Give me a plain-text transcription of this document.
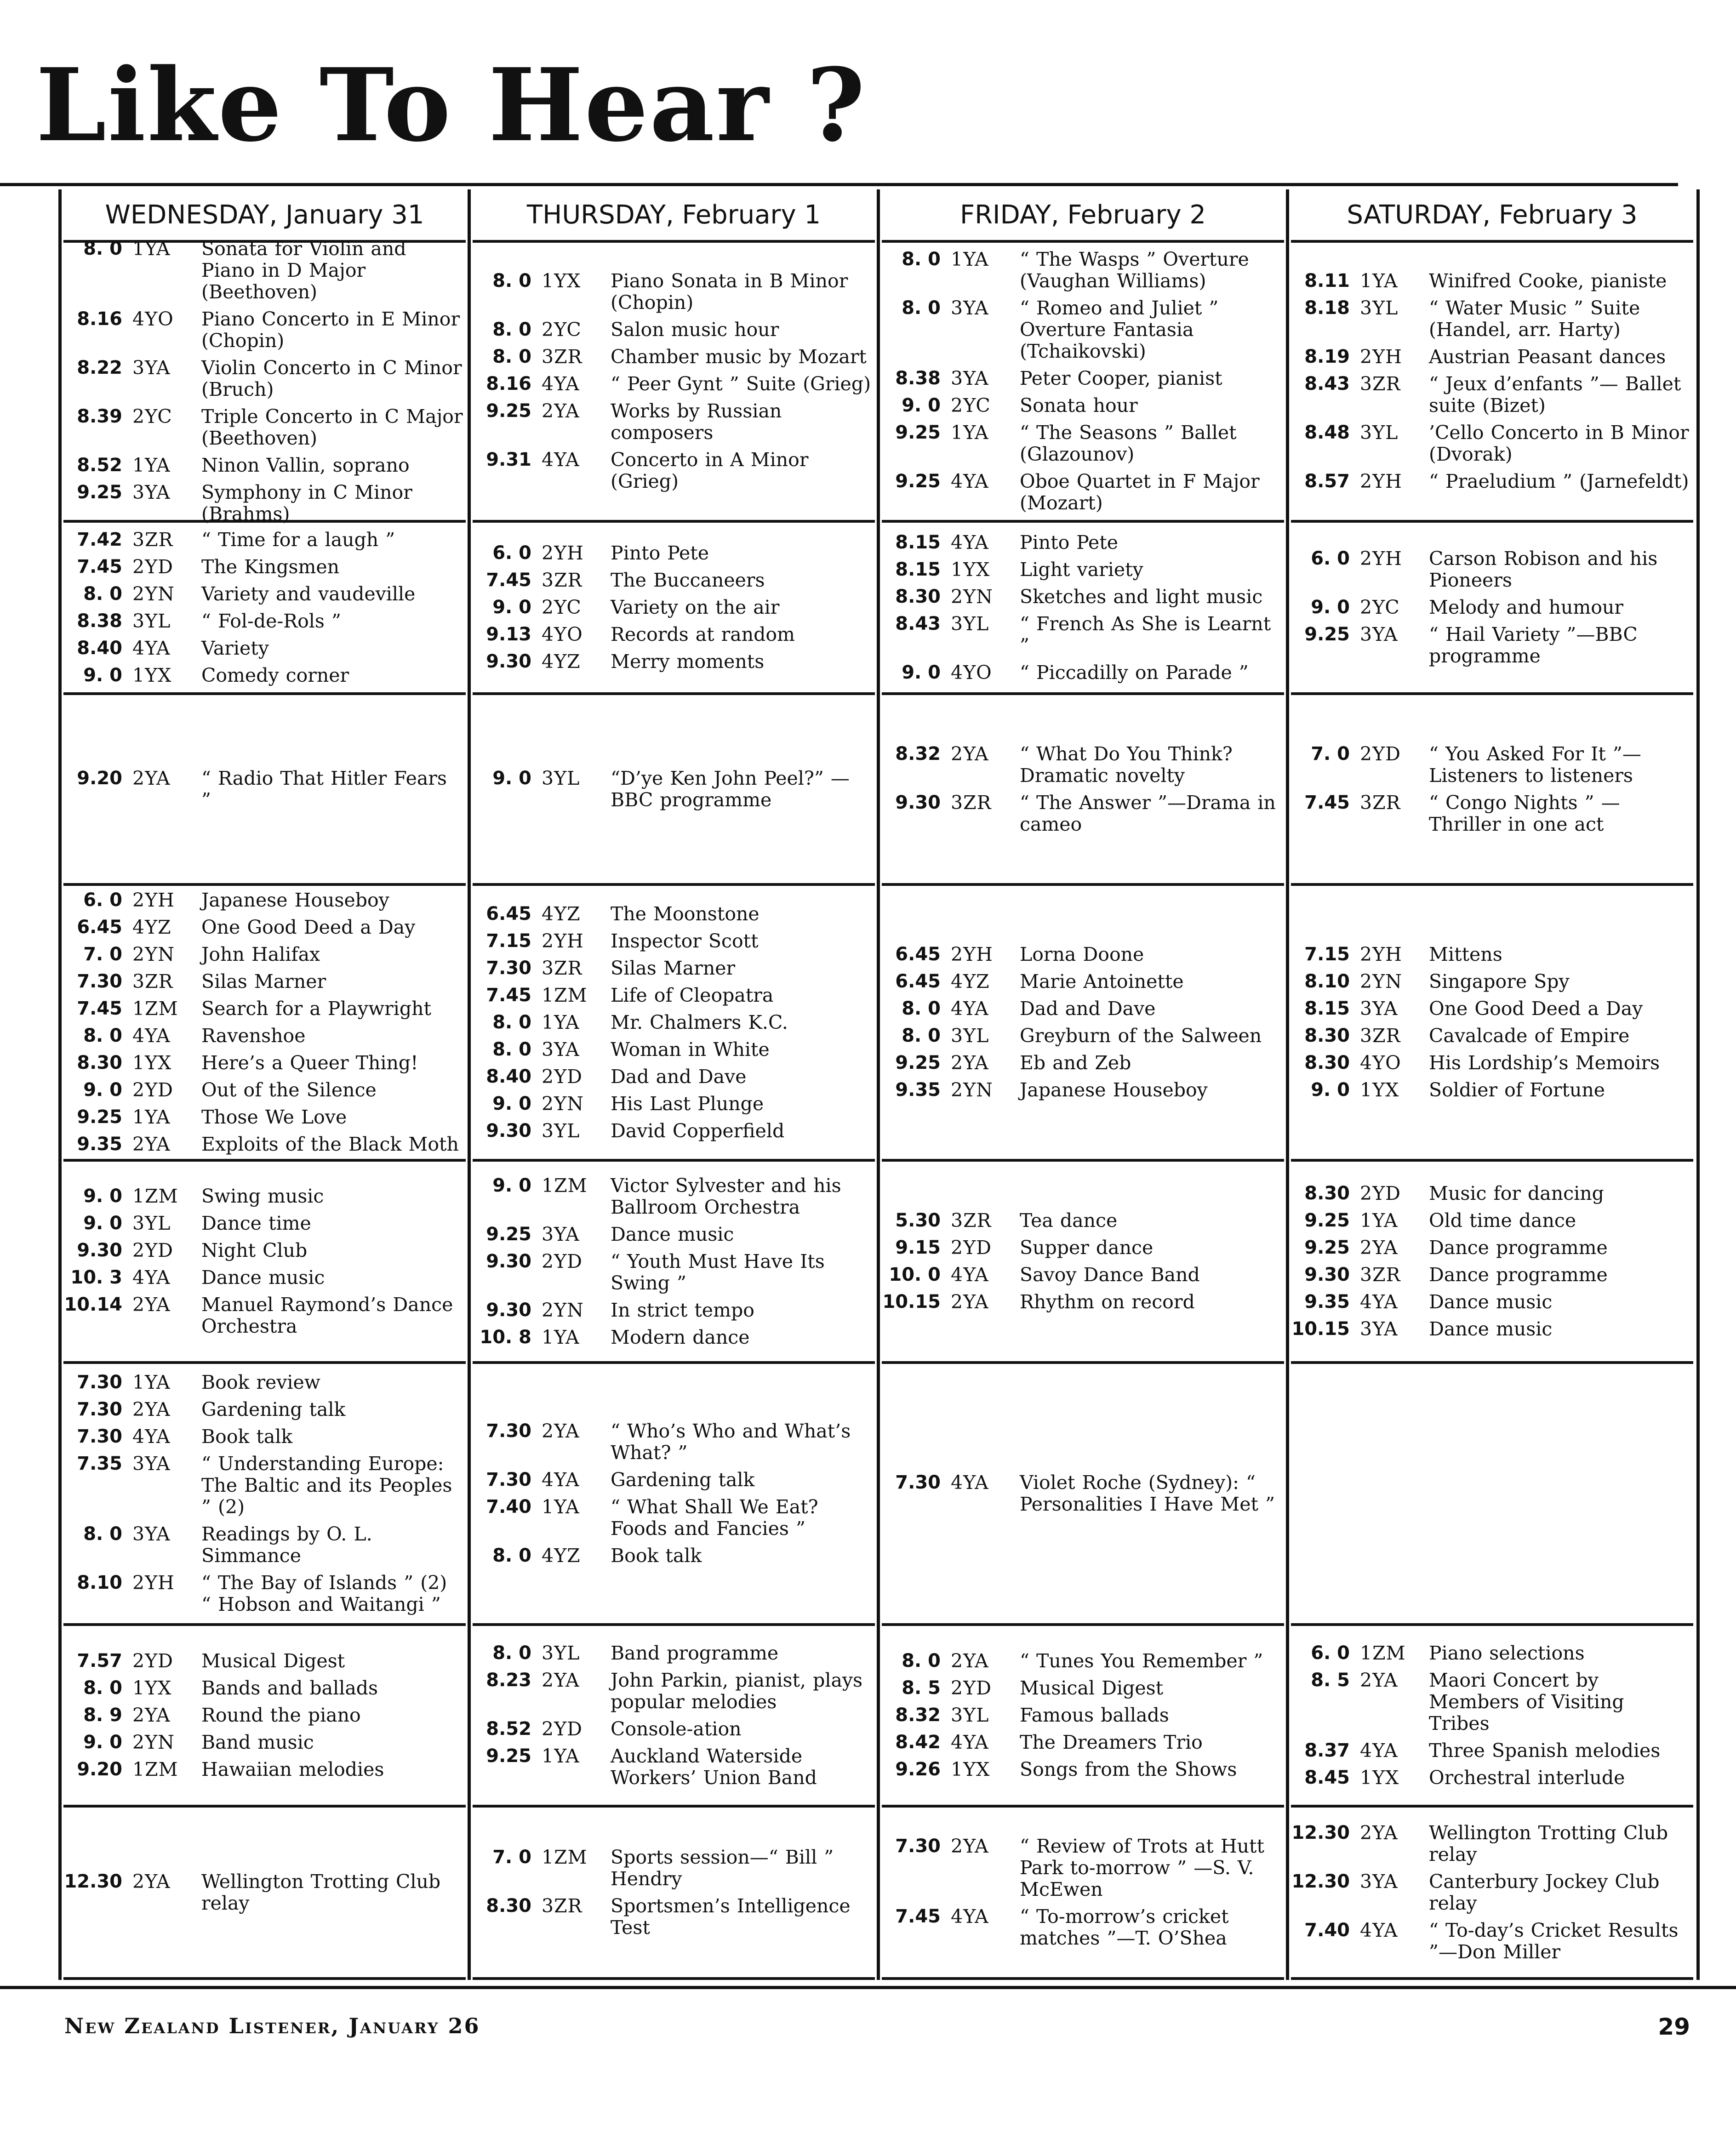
Like To Hear ?
WEDNESDAY, January 31
8. 0 1YA	Sonata for Violin and Piano in D Major (Beethoven)
8.16 4YO	Piano Concerto in E Minor (Chopin)
8.22 3YA	Violin Concerto in C Minor (Bruch)
8.39 2YC	Triple Concerto in C Major (Beethoven)
8.52 1YA	Ninon Vallin, soprano
9.25 3YA	Symphony in C Minor (Brahms)
7.42 3ZR	“ Time for a laugh ”
7.45 2YD	The Kingsmen
8. 0 2YN	Variety and vaudeville
8.38 3YL	“ Fol-de-Rols ”
8.40 4YA	Variety
9. 0 1YX	Comedy corner
9.20 2YA	“ Radio That Hitler Fears ”
6. 0 2YH	Japanese Houseboy
6.45 4YZ	One Good Deed a Day
7. 0 2YN	John Halifax
7.30 3ZR	Silas Marner
7.45 1ZM	Search for a Playwright
8. 0 4YA	Ravenshoe
8.30 1YX	Here’s a Queer Thing!
9. 0 2YD	Out of the Silence
9.25 1YA	Those We Love
9.35 2YA	Exploits of the Black Moth
9. 0 1ZM	Swing music
9. 0 3YL	Dance time
9.30 2YD	Night Club
10. 3 4YA	Dance music
10.14 2YA	Manuel Raymond’s Dance Orchestra
7.30 1YA	Book review
7.30 2YA	Gardening talk
7.30 4YA	Book talk
7.35 3YA	“ Understanding Europe: The Baltic and its Peoples ” (2)
8. 0 3YA	Readings by O. L. Simmance
8.10 2YH	“ The Bay of Islands ” (2) “ Hobson and Waitangi ”
7.57 2YD	Musical Digest
8. 0 1YX	Bands and ballads
8. 9 2YA	Round the piano
9. 0 2YN	Band music
9.20 1ZM	Hawaiian melodies
12.30 2YA	Wellington Trotting Club relay
THURSDAY, February 1
8. 0 1YX	Piano Sonata in B Minor (Chopin)
8. 0 2YC	Salon music hour
8. 0 3ZR	Chamber music by Mozart
8.16 4YA	“ Peer Gynt ” Suite (Grieg)
9.25 2YA	Works by Russian composers
9.31 4YA	Concerto in A Minor (Grieg)
6. 0 2YH	Pinto Pete
7.45 3ZR	The Buccaneers
9. 0 2YC	Variety on the air
9.13 4YO	Records at random
9.30 4YZ	Merry moments
9. 0 3YL	“D’ye Ken John Peel?” —BBC programme
6.45 4YZ	The Moonstone
7.15 2YH	Inspector Scott
7.30 3ZR	Silas Marner
7.45 1ZM	Life of Cleopatra
8. 0 1YA	Mr. Chalmers K.C.
8. 0 3YA	Woman in White
8.40 2YD	Dad and Dave
9. 0 2YN	His Last Plunge
9.30 3YL	David Copperfield
9. 0 1ZM	Victor Sylvester and his Ballroom Orchestra
9.25 3YA	Dance music
9.30 2YD	“ Youth Must Have Its Swing ”
9.30 2YN	In strict tempo
10. 8 1YA	Modern dance
7.30 2YA	“ Who’s Who and What’s What? ”
7.30 4YA	Gardening talk
7.40 1YA	“ What Shall We Eat? Foods and Fancies ”
8. 0 4YZ	Book talk
8. 0 3YL	Band programme
8.23 2YA	John Parkin, pianist, plays popular melodies
8.52 2YD	Console-ation
9.25 1YA	Auckland Waterside Workers’ Union Band
7. 0 1ZM	Sports session—“ Bill ” Hendry
8.30 3ZR	Sportsmen’s Intelligence Test
FRIDAY, February 2
8. 0 1YA	“ The Wasps ” Overture (Vaughan Williams)
8. 0 3YA	“ Romeo and Juliet ” Overture Fantasia (Tchaikovski)
8.38 3YA	Peter Cooper, pianist
9. 0 2YC	Sonata hour
9.25 1YA	“ The Seasons ” Ballet (Glazounov)
9.25 4YA	Oboe Quartet in F Major (Mozart)
8.15 4YA	Pinto Pete
8.15 1YX	Light variety
8.30 2YN	Sketches and light music
8.43 3YL	“ French As She is Learnt ”
9. 0 4YO	“ Piccadilly on Parade ”
8.32 2YA	“ What Do You Think? Dramatic novelty
9.30 3ZR	“ The Answer ”—Drama in cameo
6.45 2YH	Lorna Doone
6.45 4YZ	Marie Antoinette
8. 0 4YA	Dad and Dave
8. 0 3YL	Greyburn of the Salween
9.25 2YA	Eb and Zeb
9.35 2YN	Japanese Houseboy
5.30 3ZR	Tea dance
9.15 2YD	Supper dance
10. 0 4YA	Savoy Dance Band
10.15 2YA	Rhythm on record
7.30 4YA	Violet Roche (Sydney): “ Personalities I Have Met ”
8. 0 2YA	“ Tunes You Remember ”
8. 5 2YD	Musical Digest
8.32 3YL	Famous ballads
8.42 4YA	The Dreamers Trio
9.26 1YX	Songs from the Shows
7.30 2YA	“ Review of Trots at Hutt Park to-morrow ” —S. V. McEwen
7.45 4YA	“ To-morrow’s cricket matches ”—T. O’Shea
SATURDAY, February 3
8.11 1YA	Winifred Cooke, pianiste
8.18 3YL	“ Water Music ” Suite (Handel, arr. Harty)
8.19 2YH	Austrian Peasant dances
8.43 3ZR	“ Jeux d’enfants ”— Ballet suite (Bizet)
8.48 3YL	’Cello Concerto in B Minor (Dvorak)
8.57 2YH	“ Praeludium ” (Jarnefeldt)
6. 0 2YH	Carson Robison and his Pioneers
9. 0 2YC	Melody and humour
9.25 3YA	“ Hail Variety ”—BBC programme
7. 0 2YD	“ You Asked For It ”— Listeners to listeners
7.45 3ZR	“ Congo Nights ” — Thriller in one act
7.15 2YH	Mittens
8.10 2YN	Singapore Spy
8.15 3YA	One Good Deed a Day
8.30 3ZR	Cavalcade of Empire
8.30 4YO	His Lordship’s Memoirs
9. 0 1YX	Soldier of Fortune
8.30 2YD	Music for dancing
9.25 1YA	Old time dance
9.25 2YA	Dance programme
9.30 3ZR	Dance programme
9.35 4YA	Dance music
10.15 3YA	Dance music
6. 0 1ZM	Piano selections
8. 5 2YA	Maori Concert by Members of Visiting Tribes
8.37 4YA	Three Spanish melodies
8.45 1YX	Orchestral interlude
12.30 2YA	Wellington Trotting Club relay
12.30 3YA	Canterbury Jockey Club relay
7.40 4YA	“ To-day’s Cricket Results ”—Don Miller
New Zealand Listener, January 26	29
